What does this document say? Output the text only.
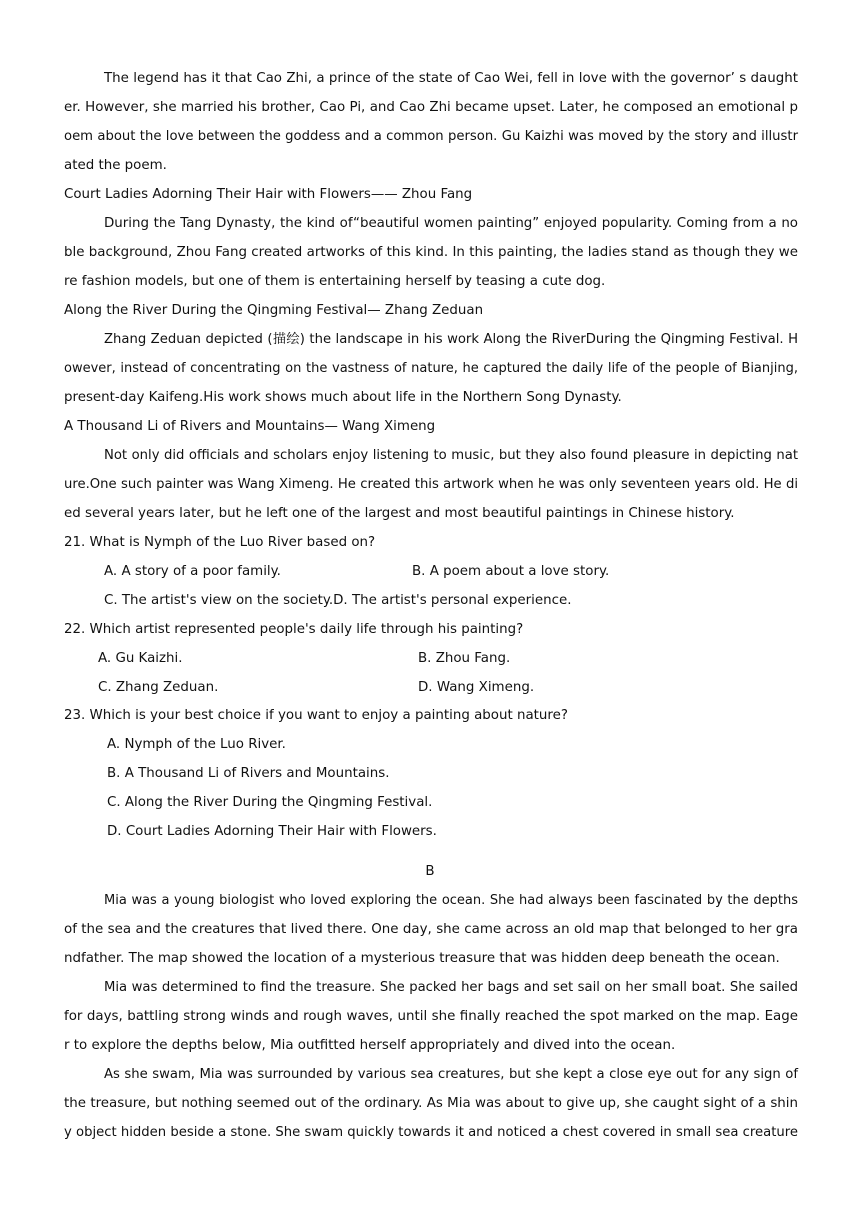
The legend has it that Cao Zhi, a prince of the state of Cao Wei, fell in love with the governor’ s daught
er. However, she married his brother, Cao Pi, and Cao Zhi became upset. Later, he composed an emotional p
oem about the love between the goddess and a common person. Gu Kaizhi was moved by the story and illustr
ated the poem.
Court Ladies Adorning Their Hair with Flowers—— Zhou Fang
During the Tang Dynasty, the kind of“beautiful women painting” enjoyed popularity. Coming from a no
ble background, Zhou Fang created artworks of this kind. In this painting, the ladies stand as though they we
re fashion models, but one of them is entertaining herself by teasing a cute dog.
Along the River During the Qingming Festival— Zhang Zeduan
Zhang Zeduan depicted (描绘) the landscape in his work Along the RiverDuring the Qingming Festival. H
owever, instead of concentrating on the vastness of nature, he captured the daily life of the people of Bianjing,
present-day Kaifeng.His work shows much about life in the Northern Song Dynasty.
A Thousand Li of Rivers and Mountains— Wang Ximeng
Not only did officials and scholars enjoy listening to music, but they also found pleasure in depicting nat
ure.One such painter was Wang Ximeng. He created this artwork when he was only seventeen years old. He di
ed several years later, but he left one of the largest and most beautiful paintings in Chinese history.
21. What is Nymph of the Luo River based on?
A. A story of a poor family.	B. A poem about a love story.
C. The artist's view on the society.D. The artist's personal experience.
22. Which artist represented people's daily life through his painting?
A. Gu Kaizhi.	B. Zhou Fang.
C. Zhang Zeduan.	D. Wang Ximeng.
23. Which is your best choice if you want to enjoy a painting about nature?
A. Nymph of the Luo River.
B. A Thousand Li of Rivers and Mountains.
C. Along the River During the Qingming Festival.
D. Court Ladies Adorning Their Hair with Flowers.
B
Mia was a young biologist who loved exploring the ocean. She had always been fascinated by the depths
of the sea and the creatures that lived there. One day, she came across an old map that belonged to her gra
ndfather. The map showed the location of a mysterious treasure that was hidden deep beneath the ocean.
Mia was determined to find the treasure. She packed her bags and set sail on her small boat. She sailed
for days, battling strong winds and rough waves, until she finally reached the spot marked on the map. Eage
r to explore the depths below, Mia outfitted herself appropriately and dived into the ocean.
As she swam, Mia was surrounded by various sea creatures, but she kept a close eye out for any sign of
the treasure, but nothing seemed out of the ordinary. As Mia was about to give up, she caught sight of a shin
y object hidden beside a stone. She swam quickly towards it and noticed a chest covered in small sea creature
